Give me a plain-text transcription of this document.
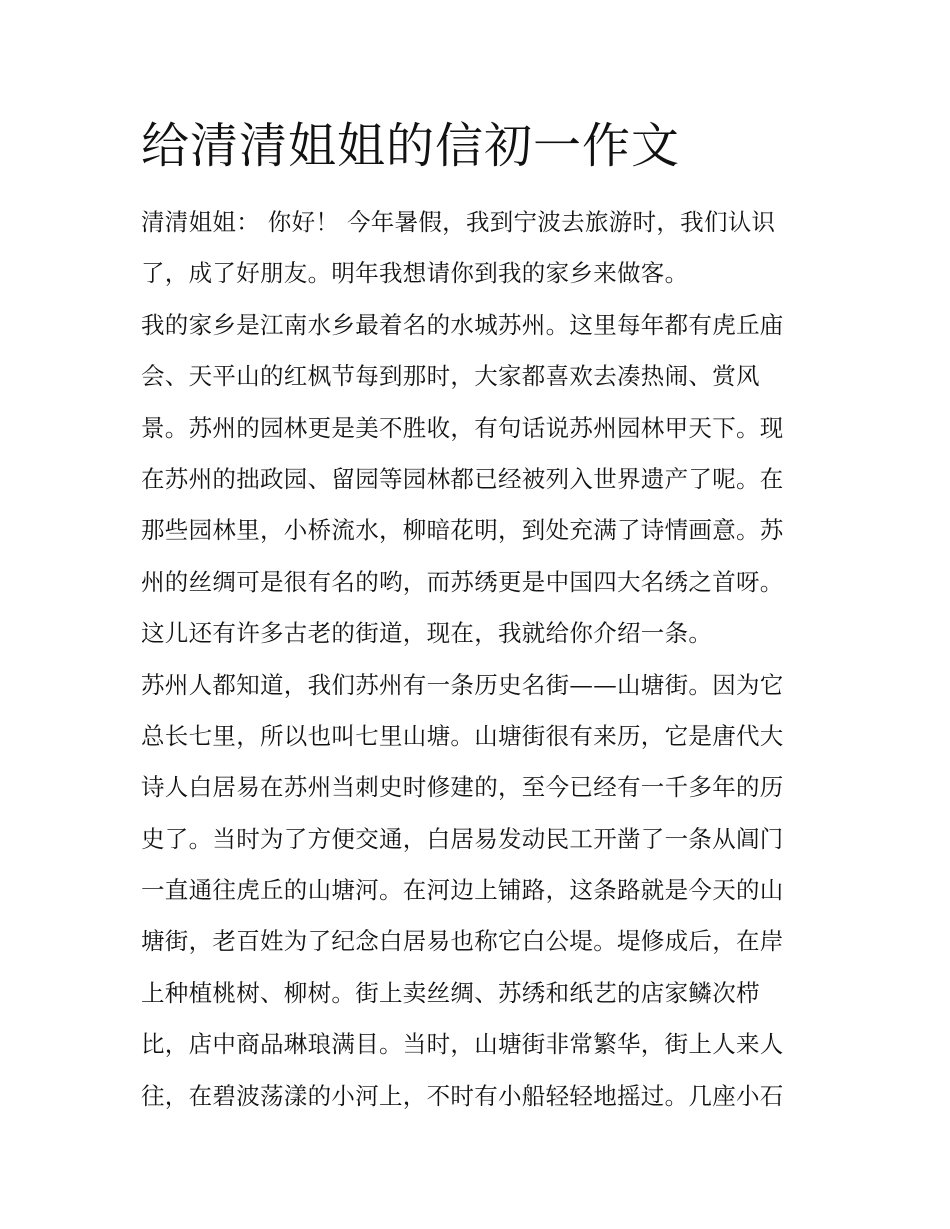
给清清姐姐的信初一作文
清清姐姐： 你好！ 今年暑假，我到宁波去旅游时，我们认识
了，成了好朋友。明年我想请你到我的家乡来做客。
我的家乡是江南水乡最着名的水城苏州。这里每年都有虎丘庙
会、天平山的红枫节每到那时，大家都喜欢去凑热闹、赏风
景。苏州的园林更是美不胜收，有句话说苏州园林甲天下。现
在苏州的拙政园、留园等园林都已经被列入世界遗产了呢。在
那些园林里，小桥流水，柳暗花明，到处充满了诗情画意。苏
州的丝绸可是很有名的哟，而苏绣更是中国四大名绣之首呀。
这儿还有许多古老的街道，现在，我就给你介绍一条。
苏州人都知道，我们苏州有一条历史名街——山塘街。因为它
总长七里，所以也叫七里山塘。山塘街很有来历，它是唐代大
诗人白居易在苏州当刺史时修建的，至今已经有一千多年的历
史了。当时为了方便交通，白居易发动民工开凿了一条从阊门
一直通往虎丘的山塘河。在河边上铺路，这条路就是今天的山
塘街，老百姓为了纪念白居易也称它白公堤。堤修成后，在岸
上种植桃树、柳树。街上卖丝绸、苏绣和纸艺的店家鳞次栉
比，店中商品琳琅满目。当时，山塘街非常繁华，街上人来人
往，在碧波荡漾的小河上，不时有小船轻轻地摇过。几座小石
